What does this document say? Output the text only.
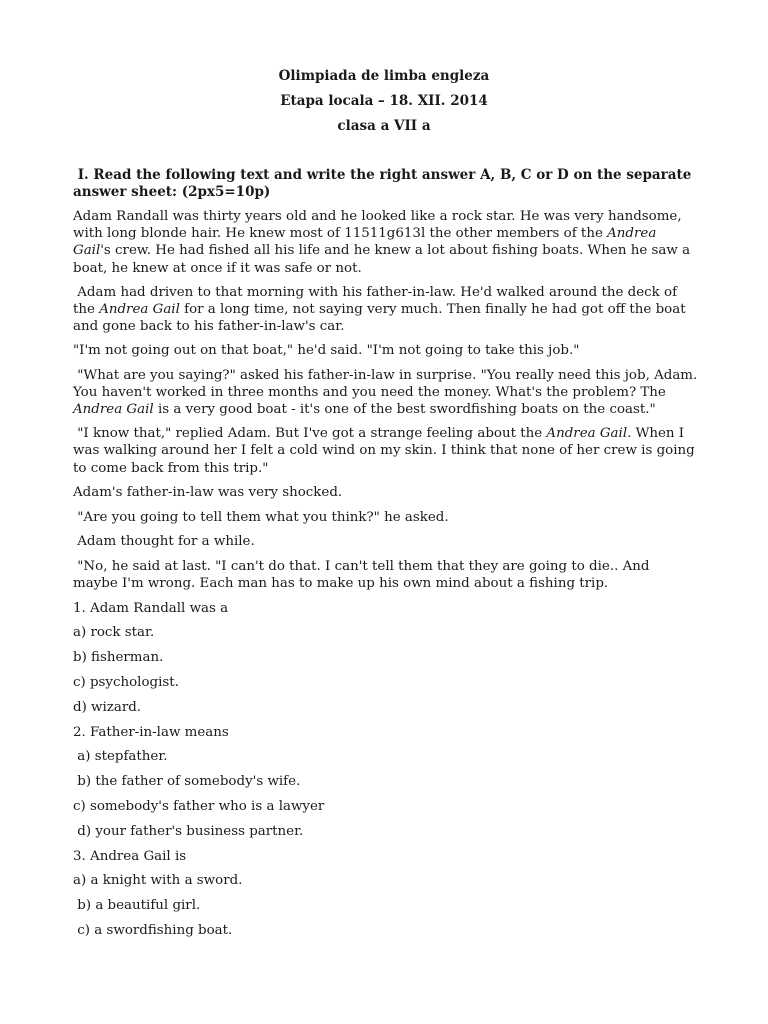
Olimpiada de limba engleza
Etapa locala – 18. XII. 2014
clasa a VII a
I. Read the following text and write the right answer A, B, C or D on the separate answer sheet: (2px5=10p)

Adam Randall was thirty years old and he looked like a rock star. He was very handsome, with long blonde hair. He knew most of 11511g613l the other members of the Andrea Gail's crew. He had fished all his life and he knew a lot about fishing boats. When he saw a boat, he knew at once if it was safe or not.

Adam had driven to that morning with his father-in-law. He'd walked around the deck of the Andrea Gail for a long time, not saying very much. Then finally he had got off the boat and gone back to his father-in-law's car.

"I'm not going out on that boat," he'd said. "I'm not going to take this job."

"What are you saying?" asked his father-in-law in surprise. "You really need this job, Adam.  You haven't worked in three months and you need the money. What's the problem? The Andrea Gail is a very good boat - it's one of the best swordfishing boats on the coast."

"I know that," replied Adam. But I've got a strange feeling about the Andrea Gail. When I was walking around her I felt a cold wind on my skin. I think that none of her crew is going to come back from this trip."

Adam's father-in-law was very shocked.

"Are you going to tell them what you think?" he asked.

Adam thought for a while.

"No, he said at last. "I can't do that. I can't tell them that they are going to die.. And maybe I'm wrong. Each man has to make up his own mind about a fishing trip.

1. Adam Randall was a

a) rock star.

b) fisherman.

c) psychologist.

d) wizard.

2. Father-in-law means

a) stepfather.

b) the father of somebody's wife.

c) somebody's father who is a lawyer

d) your father's business partner.

3. Andrea Gail is

a) a knight with a sword.

b) a beautiful girl.

c) a swordfishing boat.
